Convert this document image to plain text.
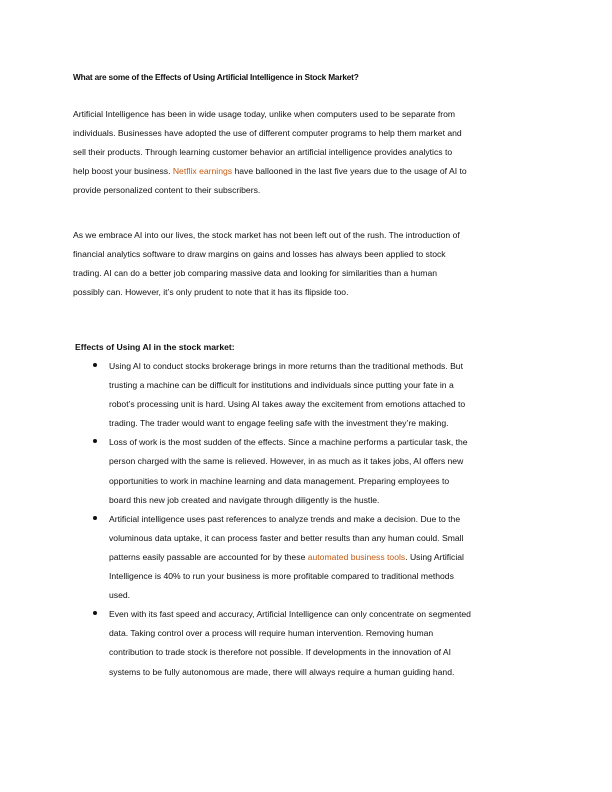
What are some of the Effects of Using Artificial Intelligence in Stock Market?
Artificial Intelligence has been in wide usage today, unlike when computers used to be separate from
individuals. Businesses have adopted the use of different computer programs to help them market and
sell their products. Through learning customer behavior an artificial intelligence provides analytics to
help boost your business. Netflix earnings have ballooned in the last five years due to the usage of AI to
provide personalized content to their subscribers.
As we embrace AI into our lives, the stock market has not been left out of the rush. The introduction of
financial analytics software to draw margins on gains and losses has always been applied to stock
trading. AI can do a better job comparing massive data and looking for similarities than a human
possibly can. However, it’s only prudent to note that it has its flipside too.
Effects of Using AI in the stock market:
Using AI to conduct stocks brokerage brings in more returns than the traditional methods. But
trusting a machine can be difficult for institutions and individuals since putting your fate in a
robot’s processing unit is hard. Using AI takes away the excitement from emotions attached to
trading. The trader would want to engage feeling safe with the investment they’re making.
Loss of work is the most sudden of the effects. Since a machine performs a particular task, the
person charged with the same is relieved. However, in as much as it takes jobs, AI offers new
opportunities to work in machine learning and data management. Preparing employees to
board this new job created and navigate through diligently is the hustle.
Artificial intelligence uses past references to analyze trends and make a decision. Due to the
voluminous data uptake, it can process faster and better results than any human could. Small
patterns easily passable are accounted for by these automated business tools. Using Artificial
Intelligence is 40% to run your business is more profitable compared to traditional methods
used.
Even with its fast speed and accuracy, Artificial Intelligence can only concentrate on segmented
data. Taking control over a process will require human intervention. Removing human
contribution to trade stock is therefore not possible. If developments in the innovation of AI
systems to be fully autonomous are made, there will always require a human guiding hand.
